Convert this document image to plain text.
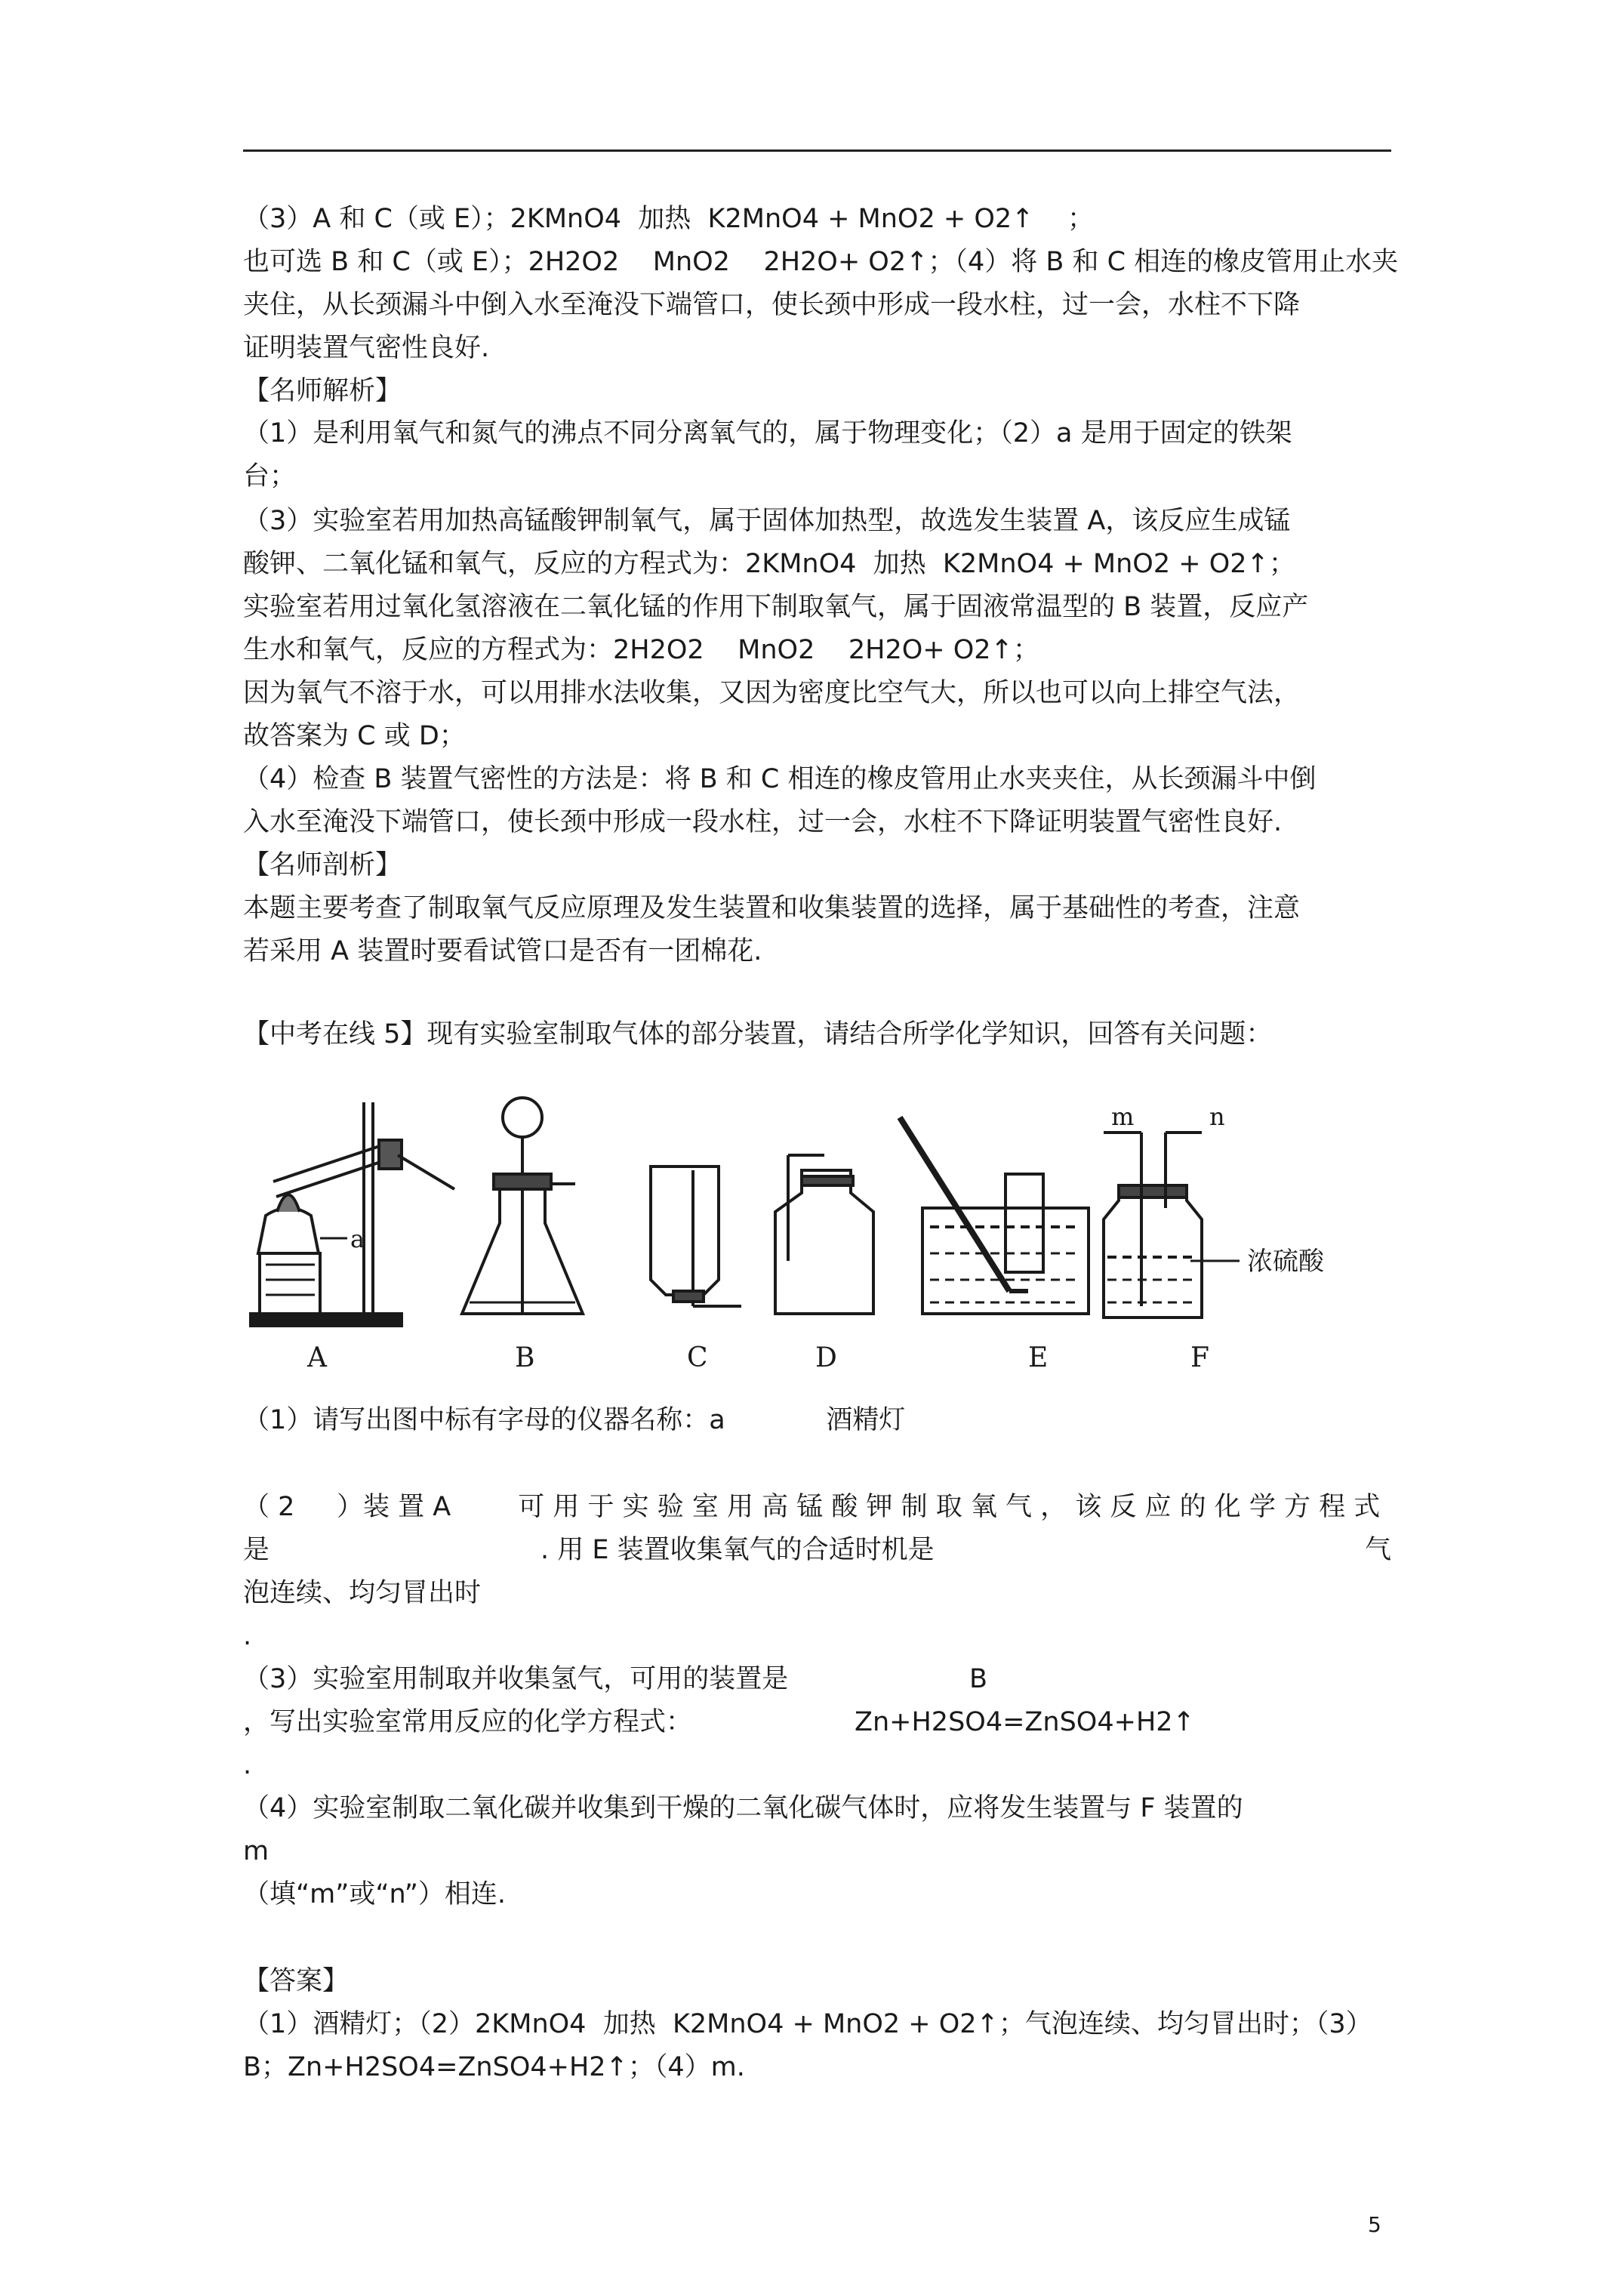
（3）A 和 C（或 E）；2KMnO4  加热  K2MnO4 + MnO2 + O2↑    ；
也可选 B 和 C（或 E）；2H2O2    MnO2    2H2O+ O2↑；（4）将 B 和 C 相连的橡皮管用止水夹
夹住，从长颈漏斗中倒入水至淹没下端管口，使长颈中形成一段水柱，过一会，水柱不下降
证明装置气密性良好.
【名师解析】
（1）是利用氧气和氮气的沸点不同分离氧气的，属于物理变化；（2）a 是用于固定的铁架
台；
（3）实验室若用加热高锰酸钾制氧气，属于固体加热型，故选发生装置 A，该反应生成锰
酸钾、二氧化锰和氧气，反应的方程式为：2KMnO4  加热  K2MnO4 + MnO2 + O2↑；
实验室若用过氧化氢溶液在二氧化锰的作用下制取氧气，属于固液常温型的 B 装置，反应产
生水和氧气，反应的方程式为：2H2O2    MnO2    2H2O+ O2↑；
因为氧气不溶于水，可以用排水法收集，又因为密度比空气大，所以也可以向上排空气法，
故答案为 C 或 D；
（4）检查 B 装置气密性的方法是：将 B 和 C 相连的橡皮管用止水夹夹住，从长颈漏斗中倒
入水至淹没下端管口，使长颈中形成一段水柱，过一会，水柱不下降证明装置气密性良好.
【名师剖析】
本题主要考查了制取氧气反应原理及发生装置和收集装置的选择，属于基础性的考查，注意
若采用 A 装置时要看试管口是否有一团棉花.
【中考在线 5】现有实验室制取气体的部分装置，请结合所学化学知识，回答有关问题：
A	B	C	D	E	F
a
m	n
浓硫酸
（1）请写出图中标有字母的仪器名称：a            酒精灯
（ 2     ）装 置 A        可 用 于 实 验 室 用 高 锰 酸 钾 制 取 氧 气 ， 该 反 应 的 化 学 方 程 式
是	. 用 E 装置收集氧气的合适时机是	气
泡连续、均匀冒出时
.
（3）实验室用制取并收集氢气，可用的装置是	B
，写出实验室常用反应的化学方程式：	Zn+H2SO4=ZnSO4+H2↑
.
（4）实验室制取二氧化碳并收集到干燥的二氧化碳气体时，应将发生装置与 F 装置的
m
（填“m”或“n”）相连.
【答案】
（1）酒精灯；（2）2KMnO4  加热  K2MnO4 + MnO2 + O2↑；气泡连续、均匀冒出时；（3）
B；Zn+H2SO4=ZnSO4+H2↑；（4）m.
5
